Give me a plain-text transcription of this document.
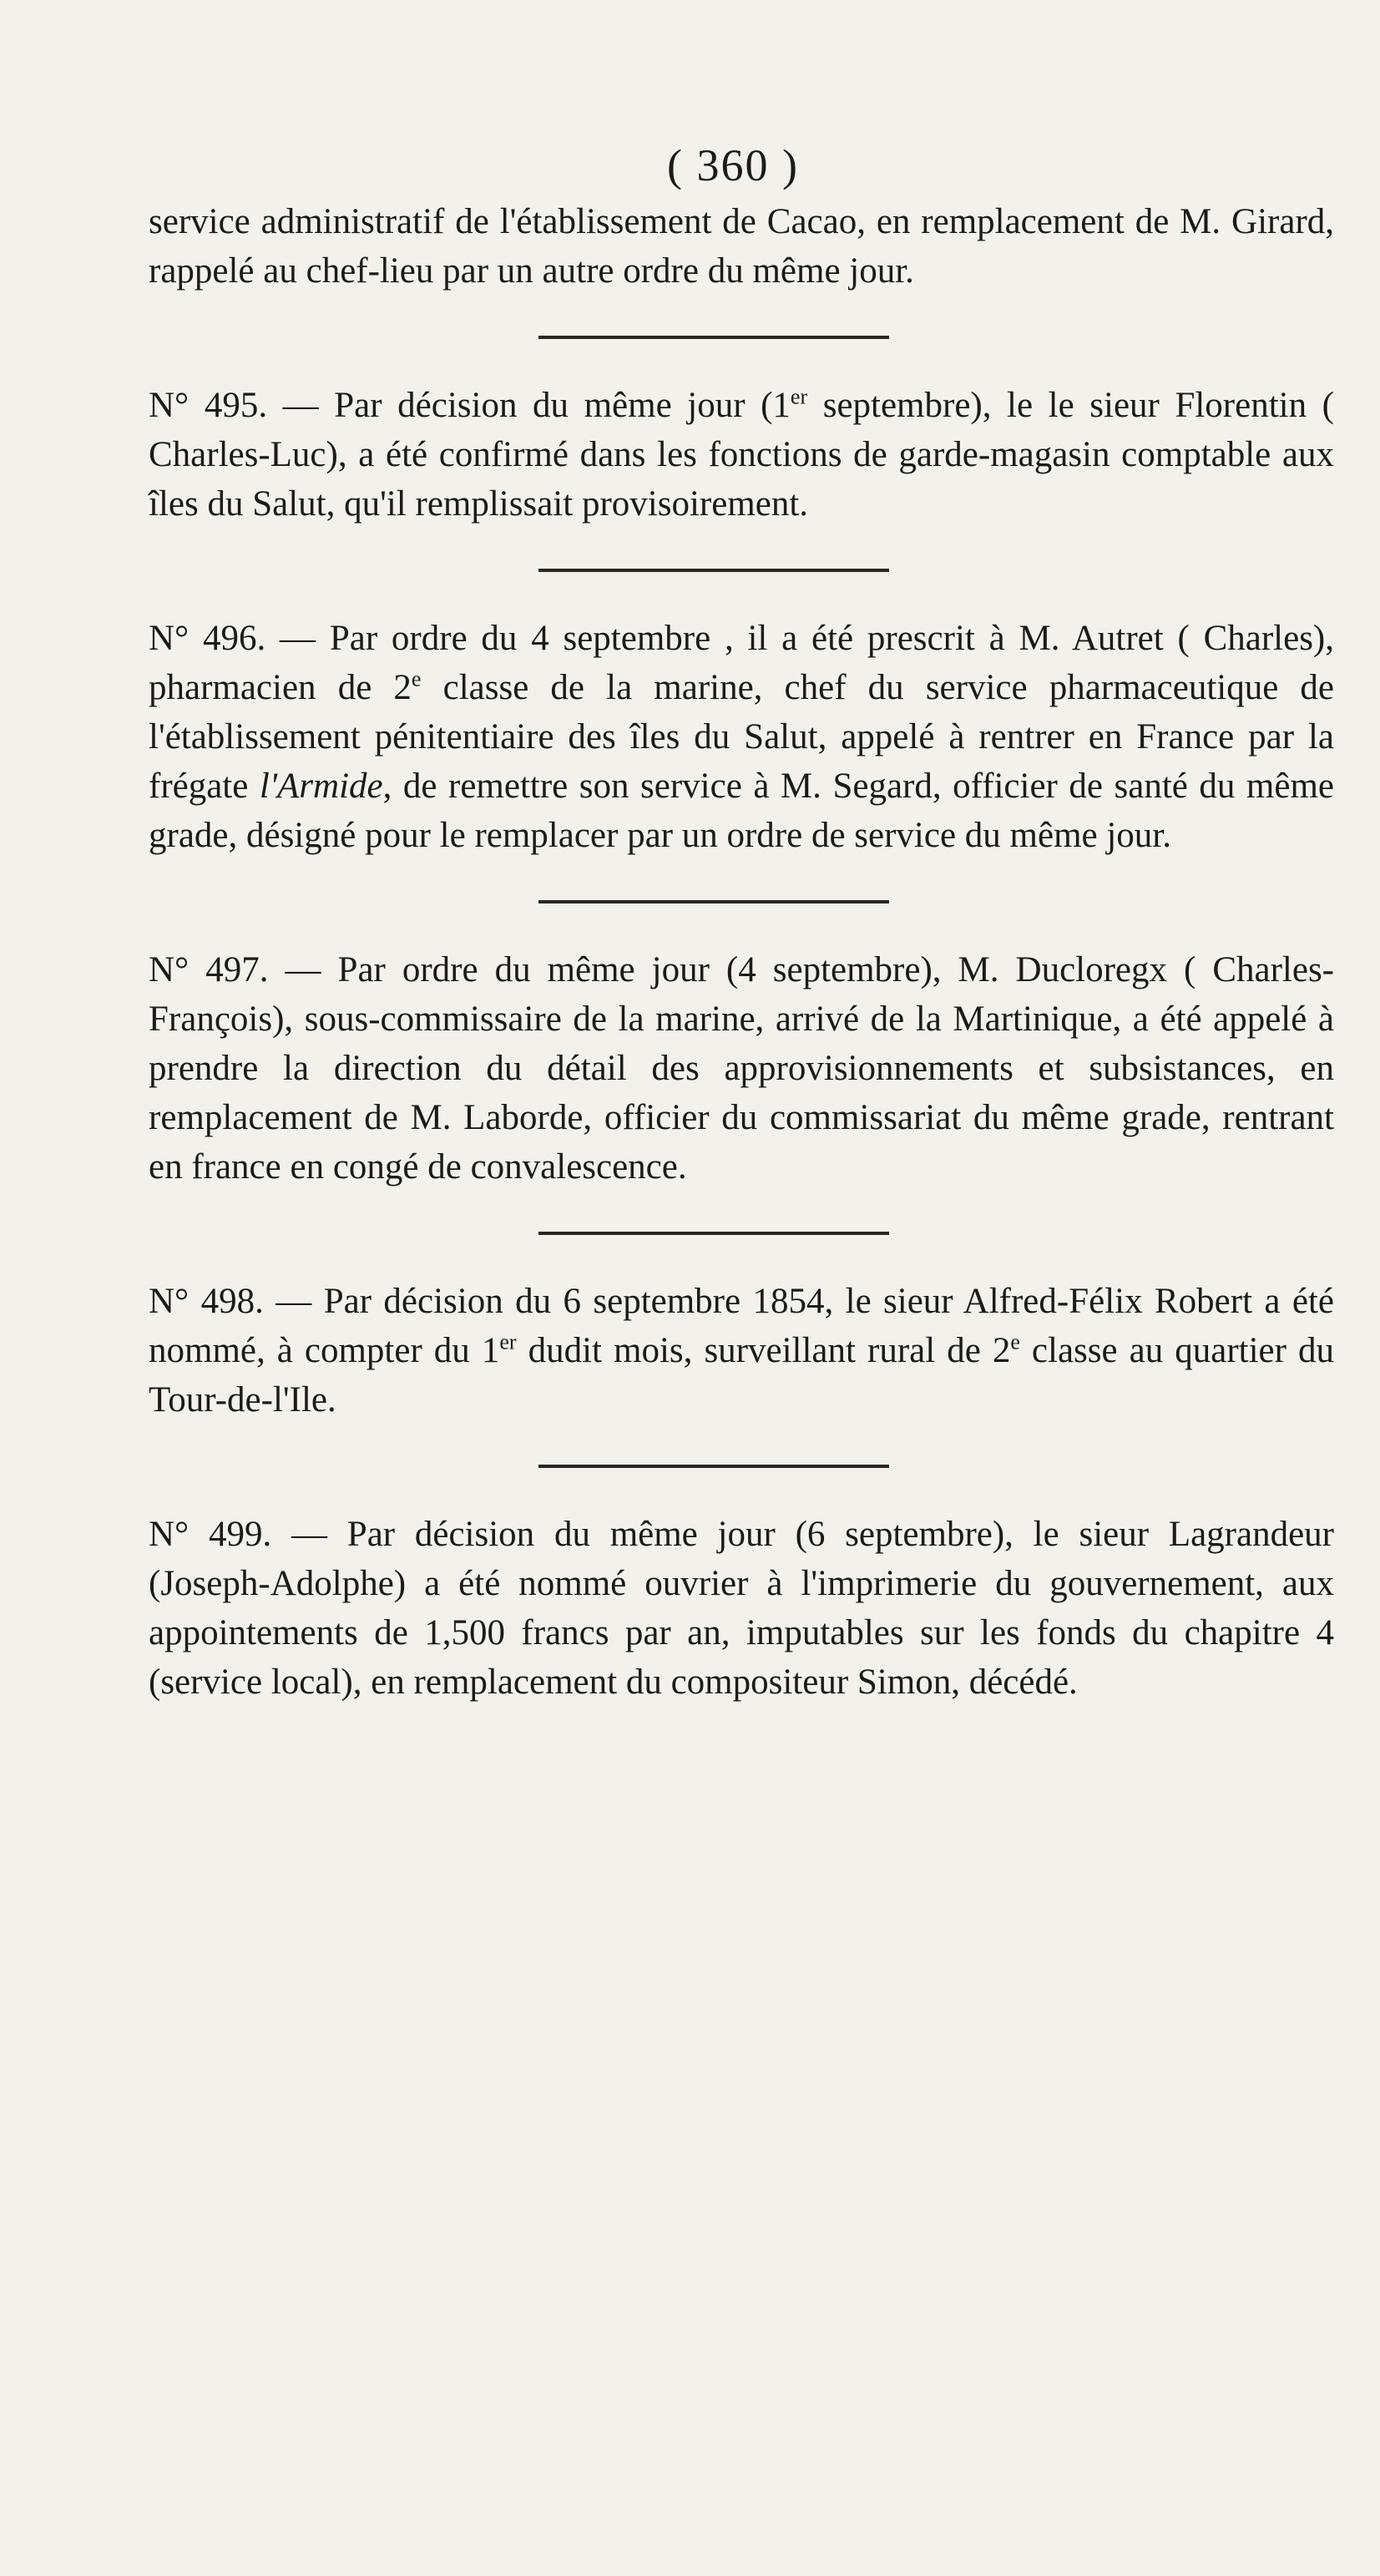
( 360 )

service administratif de l'établissement de Cacao, en remplacement de M. Girard, rappelé au chef-lieu par un autre ordre du même jour.

N° 495. — Par décision du même jour (1er septembre), le le sieur Florentin ( Charles-Luc), a été confirmé dans les fonctions de garde-magasin comptable aux îles du Salut, qu'il remplissait provisoirement.

N° 496. — Par ordre du 4 septembre , il a été prescrit à M. Autret ( Charles), pharmacien de 2e classe de la marine, chef du service pharmaceutique de l'établissement pénitentiaire des îles du Salut, appelé à rentrer en France par la frégate l'Armide, de remettre son service à M. Segard, officier de santé du même grade, désigné pour le remplacer par un ordre de service du même jour.

N° 497. — Par ordre du même jour (4 septembre), M. Ducloregx ( Charles-François), sous-commissaire de la marine, arrivé de la Martinique, a été appelé à prendre la direction du détail des approvisionnements et subsistances, en remplacement de M. Laborde, officier du commissariat du même grade, rentrant en france en congé de convalescence.

N° 498. — Par décision du 6 septembre 1854, le sieur Alfred-Félix Robert a été nommé, à compter du 1er dudit mois, surveillant rural de 2e classe au quartier du Tour-de-l'Ile.

N° 499. — Par décision du même jour (6 septembre), le sieur Lagrandeur (Joseph-Adolphe) a été nommé ouvrier à l'imprimerie du gouvernement, aux appointements de 1,500 francs par an, imputables sur les fonds du chapitre 4 (service local), en remplacement du compositeur Simon, décédé.
